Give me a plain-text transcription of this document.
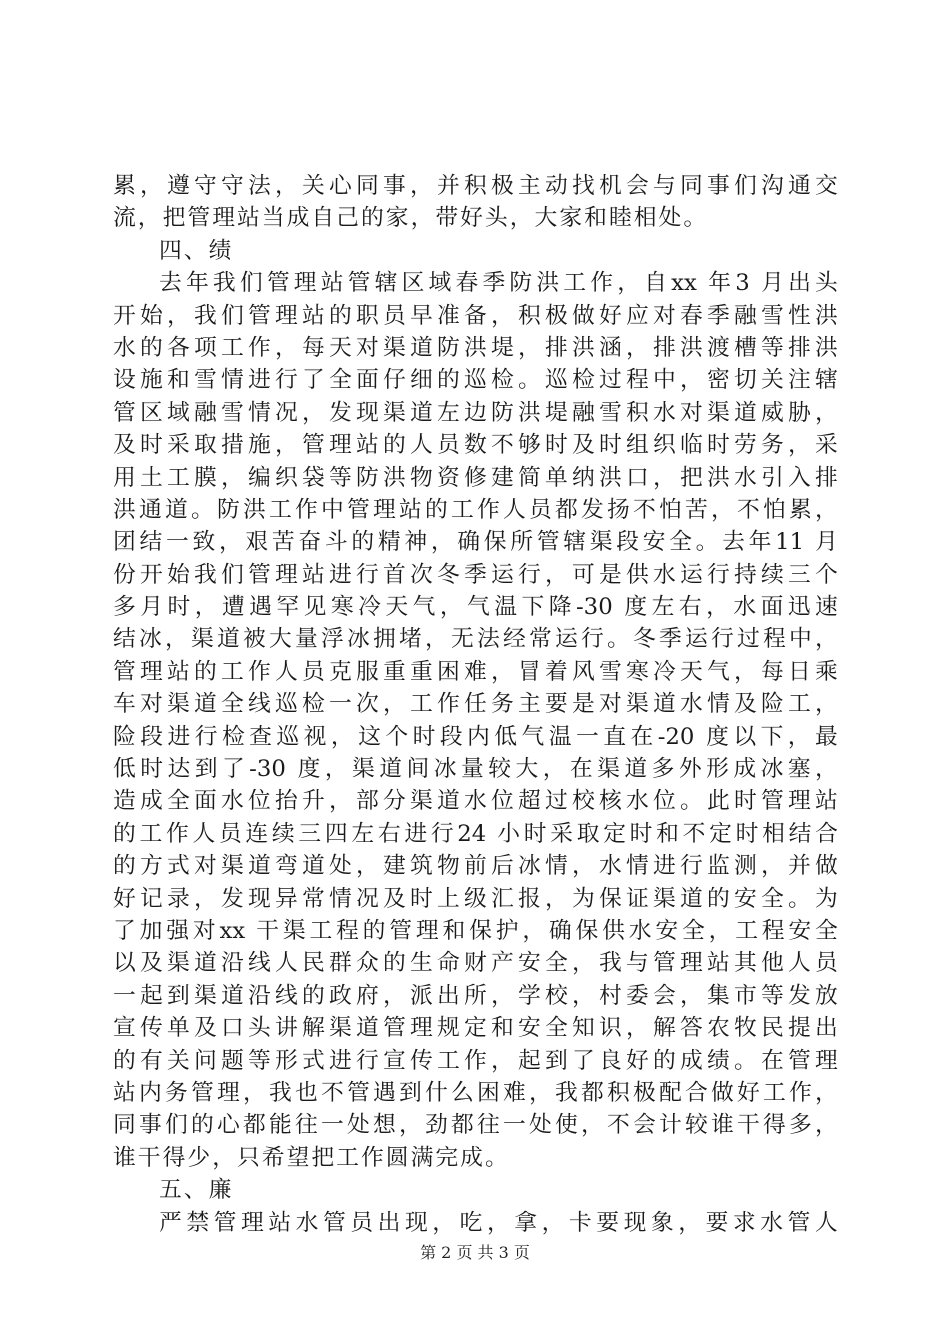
累 ， 遵 守 守 法 ， 关 心 同 事 ， 并 积 极 主 动 找 机 会 与 同 事 们 沟 通 交
流，把管理站当成自己的家，带好头，大家和睦相处。
四、绩
去 年 我 们 管 理 站 管 辖 区 域 春 季 防 洪 工 作 ， 自 xx 年 3 月 出 头
开 始 ， 我 们 管 理 站 的 职 员 早 准 备 ， 积 极 做 好 应 对 春 季 融 雪 性 洪
水 的 各 项 工 作 ， 每 天 对 渠 道 防 洪 堤 ， 排 洪 涵 ， 排 洪 渡 槽 等 排 洪
设 施 和 雪 情 进 行 了 全 面 仔 细 的 巡 检 。 巡 检 过 程 中 ， 密 切 关 注 辖
管 区 域 融 雪 情 况 ， 发 现 渠 道 左 边 防 洪 堤 融 雪 积 水 对 渠 道 威 胁 ，
及 时 采 取 措 施 ， 管 理 站 的 人 员 数 不 够 时 及 时 组 织 临 时 劳 务 ， 采
用 土 工 膜 ， 编 织 袋 等 防 洪 物 资 修 建 简 单 纳 洪 口 ， 把 洪 水 引 入 排
洪 通 道 。 防 洪 工 作 中 管 理 站 的 工 作 人 员 都 发 扬 不 怕 苦 ， 不 怕 累 ，
团 结 一 致 ， 艰 苦 奋 斗 的 精 神 ， 确 保 所 管 辖 渠 段 安 全 。 去 年 11 月
份 开 始 我 们 管 理 站 进 行 首 次 冬 季 运 行 ， 可 是 供 水 运 行 持 续 三 个
多 月 时 ， 遭 遇 罕 见 寒 冷 天 气 ， 气 温 下 降 -30 度 左 右 ， 水 面 迅 速
结 冰 ， 渠 道 被 大 量 浮 冰 拥 堵 ， 无 法 经 常 运 行 。 冬 季 运 行 过 程 中 ，
管 理 站 的 工 作 人 员 克 服 重 重 困 难 ， 冒 着 风 雪 寒 冷 天 气 ， 每 日 乘
车 对 渠 道 全 线 巡 检 一 次 ， 工 作 任 务 主 要 是 对 渠 道 水 情 及 险 工 ，
险 段 进 行 检 查 巡 视 ， 这 个 时 段 内 低 气 温 一 直 在 -20 度 以 下 ， 最
低 时 达 到 了 -30 度 ， 渠 道 间 冰 量 较 大 ， 在 渠 道 多 外 形 成 冰 塞 ，
造 成 全 面 水 位 抬 升 ， 部 分 渠 道 水 位 超 过 校 核 水 位 。 此 时 管 理 站
的 工 作 人 员 连 续 三 四 左 右 进 行 24 小 时 采 取 定 时 和 不 定 时 相 结 合
的 方 式 对 渠 道 弯 道 处 ， 建 筑 物 前 后 冰 情 ， 水 情 进 行 监 测 ， 并 做
好 记 录 ， 发 现 异 常 情 况 及 时 上 级 汇 报 ， 为 保 证 渠 道 的 安 全 。 为
了 加 强 对 xx 干 渠 工 程 的 管 理 和 保 护 ， 确 保 供 水 安 全 ， 工 程 安 全
以 及 渠 道 沿 线 人 民 群 众 的 生 命 财 产 安 全 ， 我 与 管 理 站 其 他 人 员
一 起 到 渠 道 沿 线 的 政 府 ， 派 出 所 ， 学 校 ， 村 委 会 ， 集 市 等 发 放
宣 传 单 及 口 头 讲 解 渠 道 管 理 规 定 和 安 全 知 识 ， 解 答 农 牧 民 提 出
的 有 关 问 题 等 形 式 进 行 宣 传 工 作 ， 起 到 了 良 好 的 成 绩 。 在 管 理
站 内 务 管 理 ， 我 也 不 管 遇 到 什 么 困 难 ， 我 都 积 极 配 合 做 好 工 作 ，
同 事 们 的 心 都 能 往 一 处 想 ， 劲 都 往 一 处 使 ， 不 会 计 较 谁 干 得 多 ，
谁干得少，只希望把工作圆满完成。
五、廉
严 禁 管 理 站 水 管 员 出 现 ， 吃 ， 拿 ， 卡 要 现 象 ， 要 求 水 管 人
第 2 页 共 3 页
